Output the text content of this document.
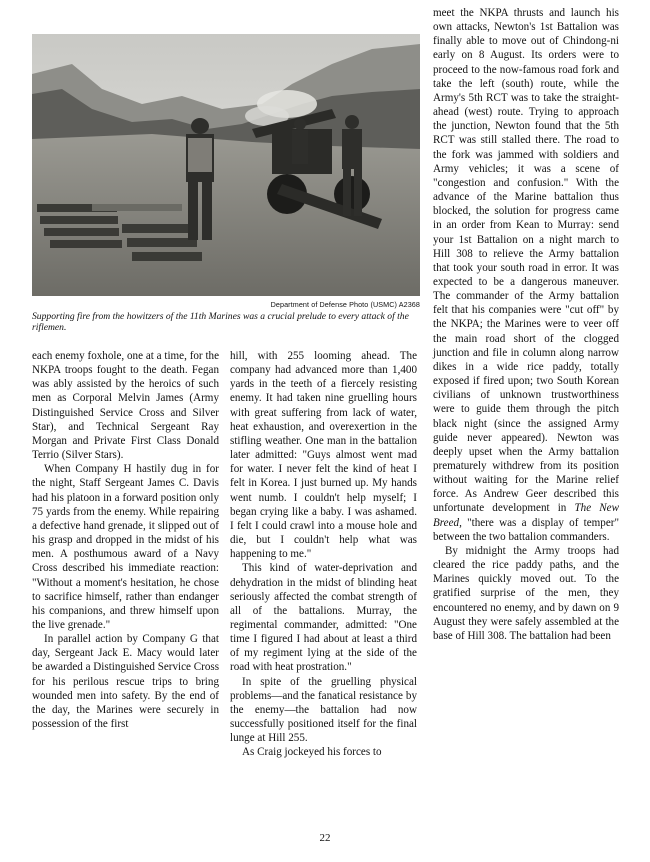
Department of Defense Photo (USMC) A2368
Supporting fire from the howitzers of the 11th Marines was a crucial prelude to every attack of the riflemen.

each enemy foxhole, one at a time, for the NKPA troops fought to the death. Fegan was ably assisted by the heroics of such men as Corporal Melvin James (Army Distinguished Service Cross and Silver Star), and Technical Sergeant Ray Morgan and Private First Class Donald Terrio (Silver Stars).

When Company H hastily dug in for the night, Staff Sergeant James C. Davis had his platoon in a forward position only 75 yards from the enemy. While repairing a defective hand grenade, it slipped out of his grasp and dropped in the midst of his men. A posthumous award of a Navy Cross described his immediate reaction: "Without a moment's hesitation, he chose to sacrifice himself, rather than endanger his companions, and threw himself upon the live grenade."

In parallel action by Company G that day, Sergeant Jack E. Macy would later be awarded a Distinguished Service Cross for his perilous rescue trips to bring wounded men into safety. By the end of the day, the Marines were securely in possession of the first

hill, with 255 looming ahead. The company had advanced more than 1,400 yards in the teeth of a fiercely resisting enemy. It had taken nine gruelling hours with great suffering from lack of water, heat exhaustion, and overexertion in the stifling weather. One man in the battalion later admitted: "Guys almost went mad for water. I never felt the kind of heat I felt in Korea. I just burned up. My hands went numb. I couldn't help myself; I began crying like a baby. I was ashamed. I felt I could crawl into a mouse hole and die, but I couldn't help what was happening to me."

This kind of water-deprivation and dehydration in the midst of blinding heat seriously affected the combat strength of all of the battalions. Murray, the regimental commander, admitted: "One time I figured I had about at least a third of my regiment lying at the side of the road with heat prostration."

In spite of the gruelling physical problems—and the fanatical resistance by the enemy—the battalion had now successfully positioned itself for the final lunge at Hill 255.

As Craig jockeyed his forces to

meet the NKPA thrusts and launch his own attacks, Newton's 1st Battalion was finally able to move out of Chindong-ni early on 8 August. Its orders were to proceed to the now-famous road fork and take the left (south) route, while the Army's 5th RCT was to take the straight-ahead (west) route. Trying to approach the junction, Newton found that the 5th RCT was still stalled there. The road to the fork was jammed with soldiers and Army vehicles; it was a scene of "congestion and confusion." With the advance of the Marine battalion thus blocked, the solution for progress came in an order from Kean to Murray: send your 1st Battalion on a night march to Hill 308 to relieve the Army battalion that took your south road in error. It was expected to be a dangerous maneuver. The commander of the Army battalion felt that his companies were "cut off" by the NKPA; the Marines were to veer off the main road short of the clogged junction and file in column along narrow dikes in a wide rice paddy, totally exposed if fired upon; two South Korean civilians of unknown trustworthiness were to guide them through the pitch black night (since the assigned Army guide never appeared). Newton was deeply upset when the Army battalion prematurely withdrew from its position without waiting for the Marine relief force. As Andrew Geer described this unfortunate development in The New Breed, "there was a display of temper" between the two battalion commanders.

By midnight the Army troops had cleared the rice paddy paths, and the Marines quickly moved out. To the gratified surprise of the men, they encountered no enemy, and by dawn on 9 August they were safely assembled at the base of Hill 308. The battalion had been

22
